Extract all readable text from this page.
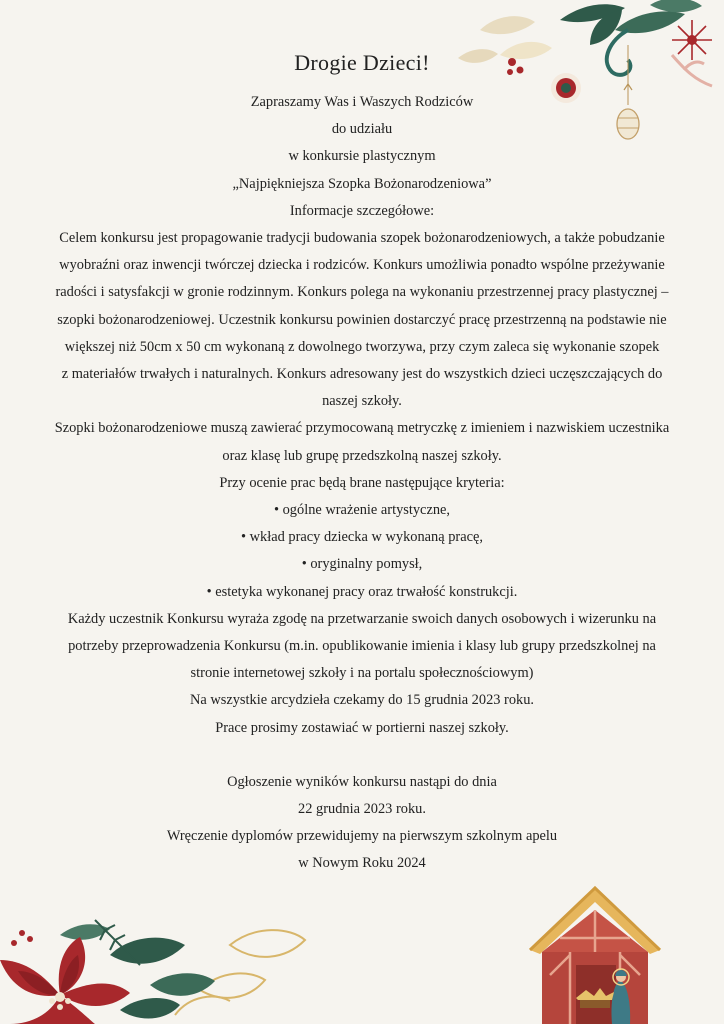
Drogie Dzieci!

Zapraszamy Was i Waszych Rodziców

do udziału

w konkursie plastycznym

„Najpiękniejsza Szopka Bożonarodzeniowa”

Informacje szczegółowe:

Celem konkursu jest propagowanie tradycji budowania szopek bożonarodzeniowych, a także pobudzanie

wyobraźni oraz inwencji twórczej dziecka i rodziców. Konkurs umożliwia ponadto wspólne przeżywanie

radości i satysfakcji w gronie rodzinnym. Konkurs polega na wykonaniu przestrzennej pracy plastycznej –

szopki bożonarodzeniowej. Uczestnik konkursu powinien dostarczyć pracę przestrzenną na podstawie nie

większej niż 50cm x 50 cm wykonaną z dowolnego tworzywa, przy czym zaleca się wykonanie szopek

z materiałów trwałych i naturalnych. Konkurs adresowany jest do wszystkich dzieci uczęszczających do

naszej szkoły.

Szopki bożonarodzeniowe muszą zawierać przymocowaną metryczkę z imieniem i nazwiskiem uczestnika

oraz klasę lub grupę przedszkolną naszej szkoły.

Przy ocenie prac będą brane następujące kryteria:

• ogólne wrażenie artystyczne,

• wkład pracy dziecka w wykonaną pracę,

• oryginalny pomysł,

• estetyka wykonanej pracy oraz trwałość konstrukcji.

Każdy uczestnik Konkursu wyraża zgodę na przetwarzanie swoich danych osobowych i wizerunku na

potrzeby przeprowadzenia Konkursu (m.in. opublikowanie imienia i klasy lub grupy przedszkolnej na

stronie internetowej szkoły i na portalu społecznościowym)

Na wszystkie arcydzieła czekamy do 15 grudnia 2023 roku.

Prace prosimy zostawiać w portierni naszej szkoły.

Ogłoszenie wyników konkursu nastąpi do dnia

22 grudnia 2023 roku.

Wręczenie dyplomów przewidujemy na pierwszym szkolnym apelu

w Nowym Roku 2024
